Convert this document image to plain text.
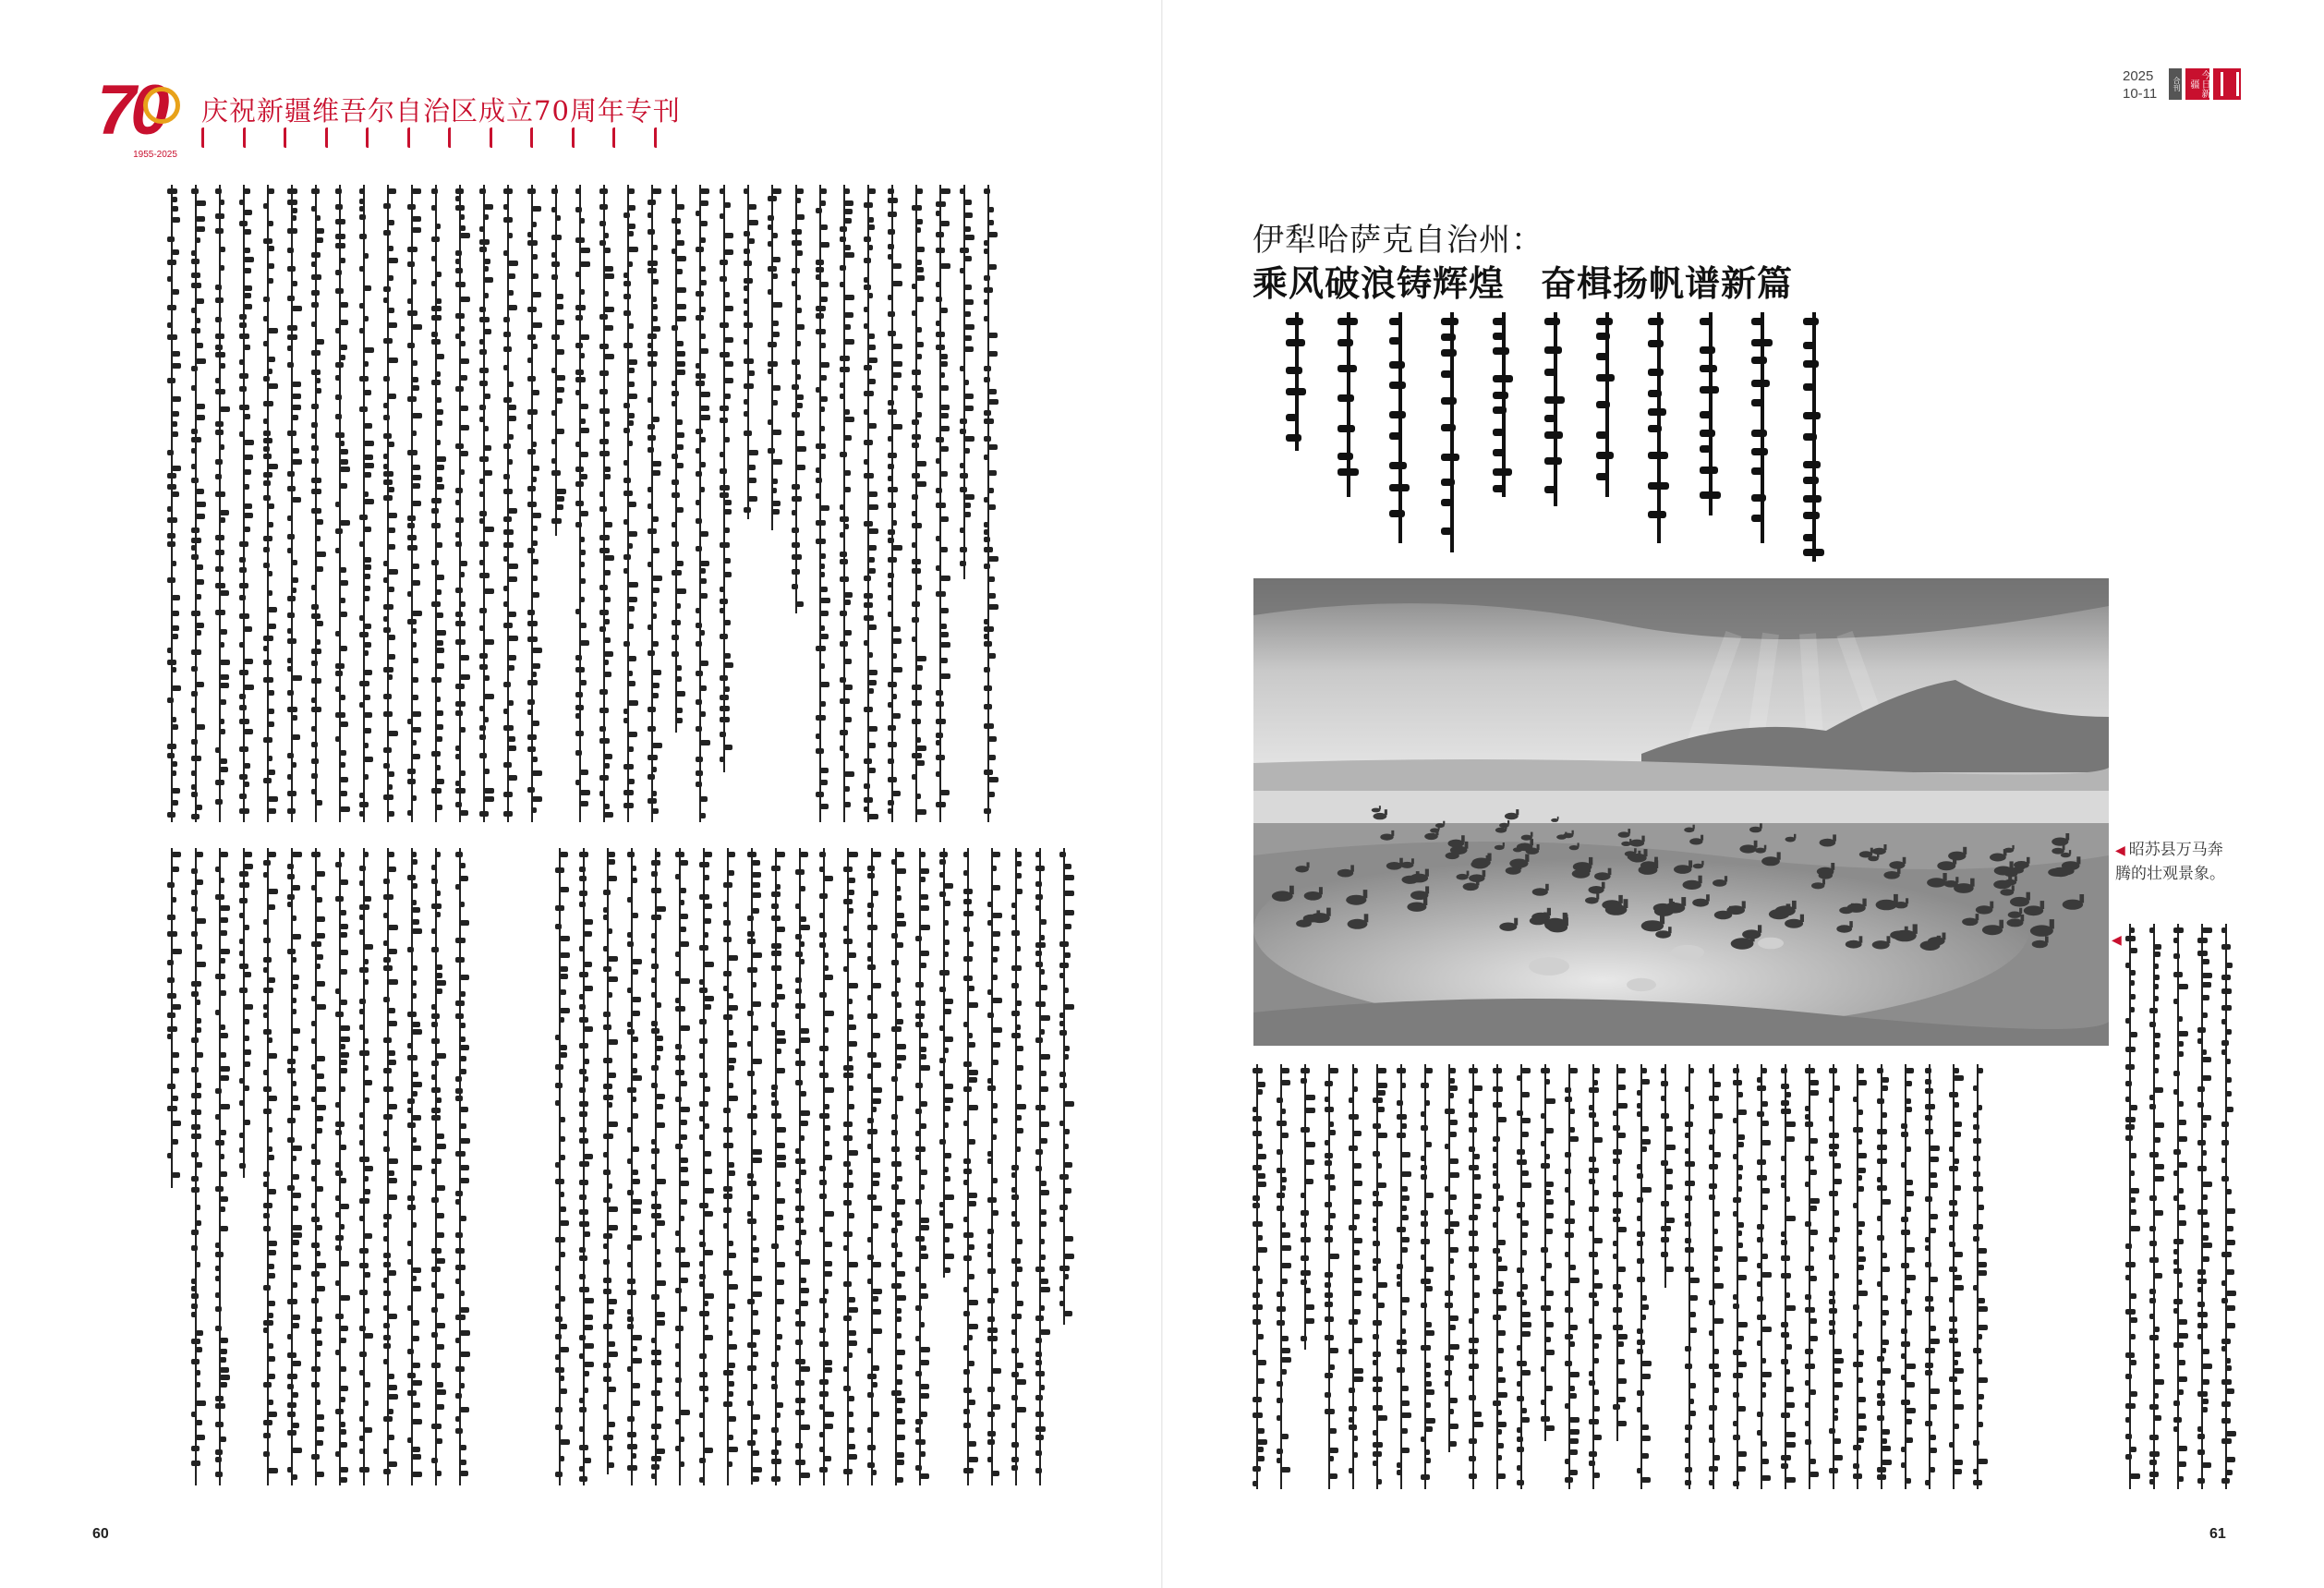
70
1955-2025
庆祝新疆维吾尔自治区成立70周年专刊
2025
10-11
合刊	今日新疆
伊犁哈萨克自治州：
乘风破浪铸辉煌　奋楫扬帆谱新篇
◀ 昭苏县万马奔腾的壮观景象。
◀
60	61
